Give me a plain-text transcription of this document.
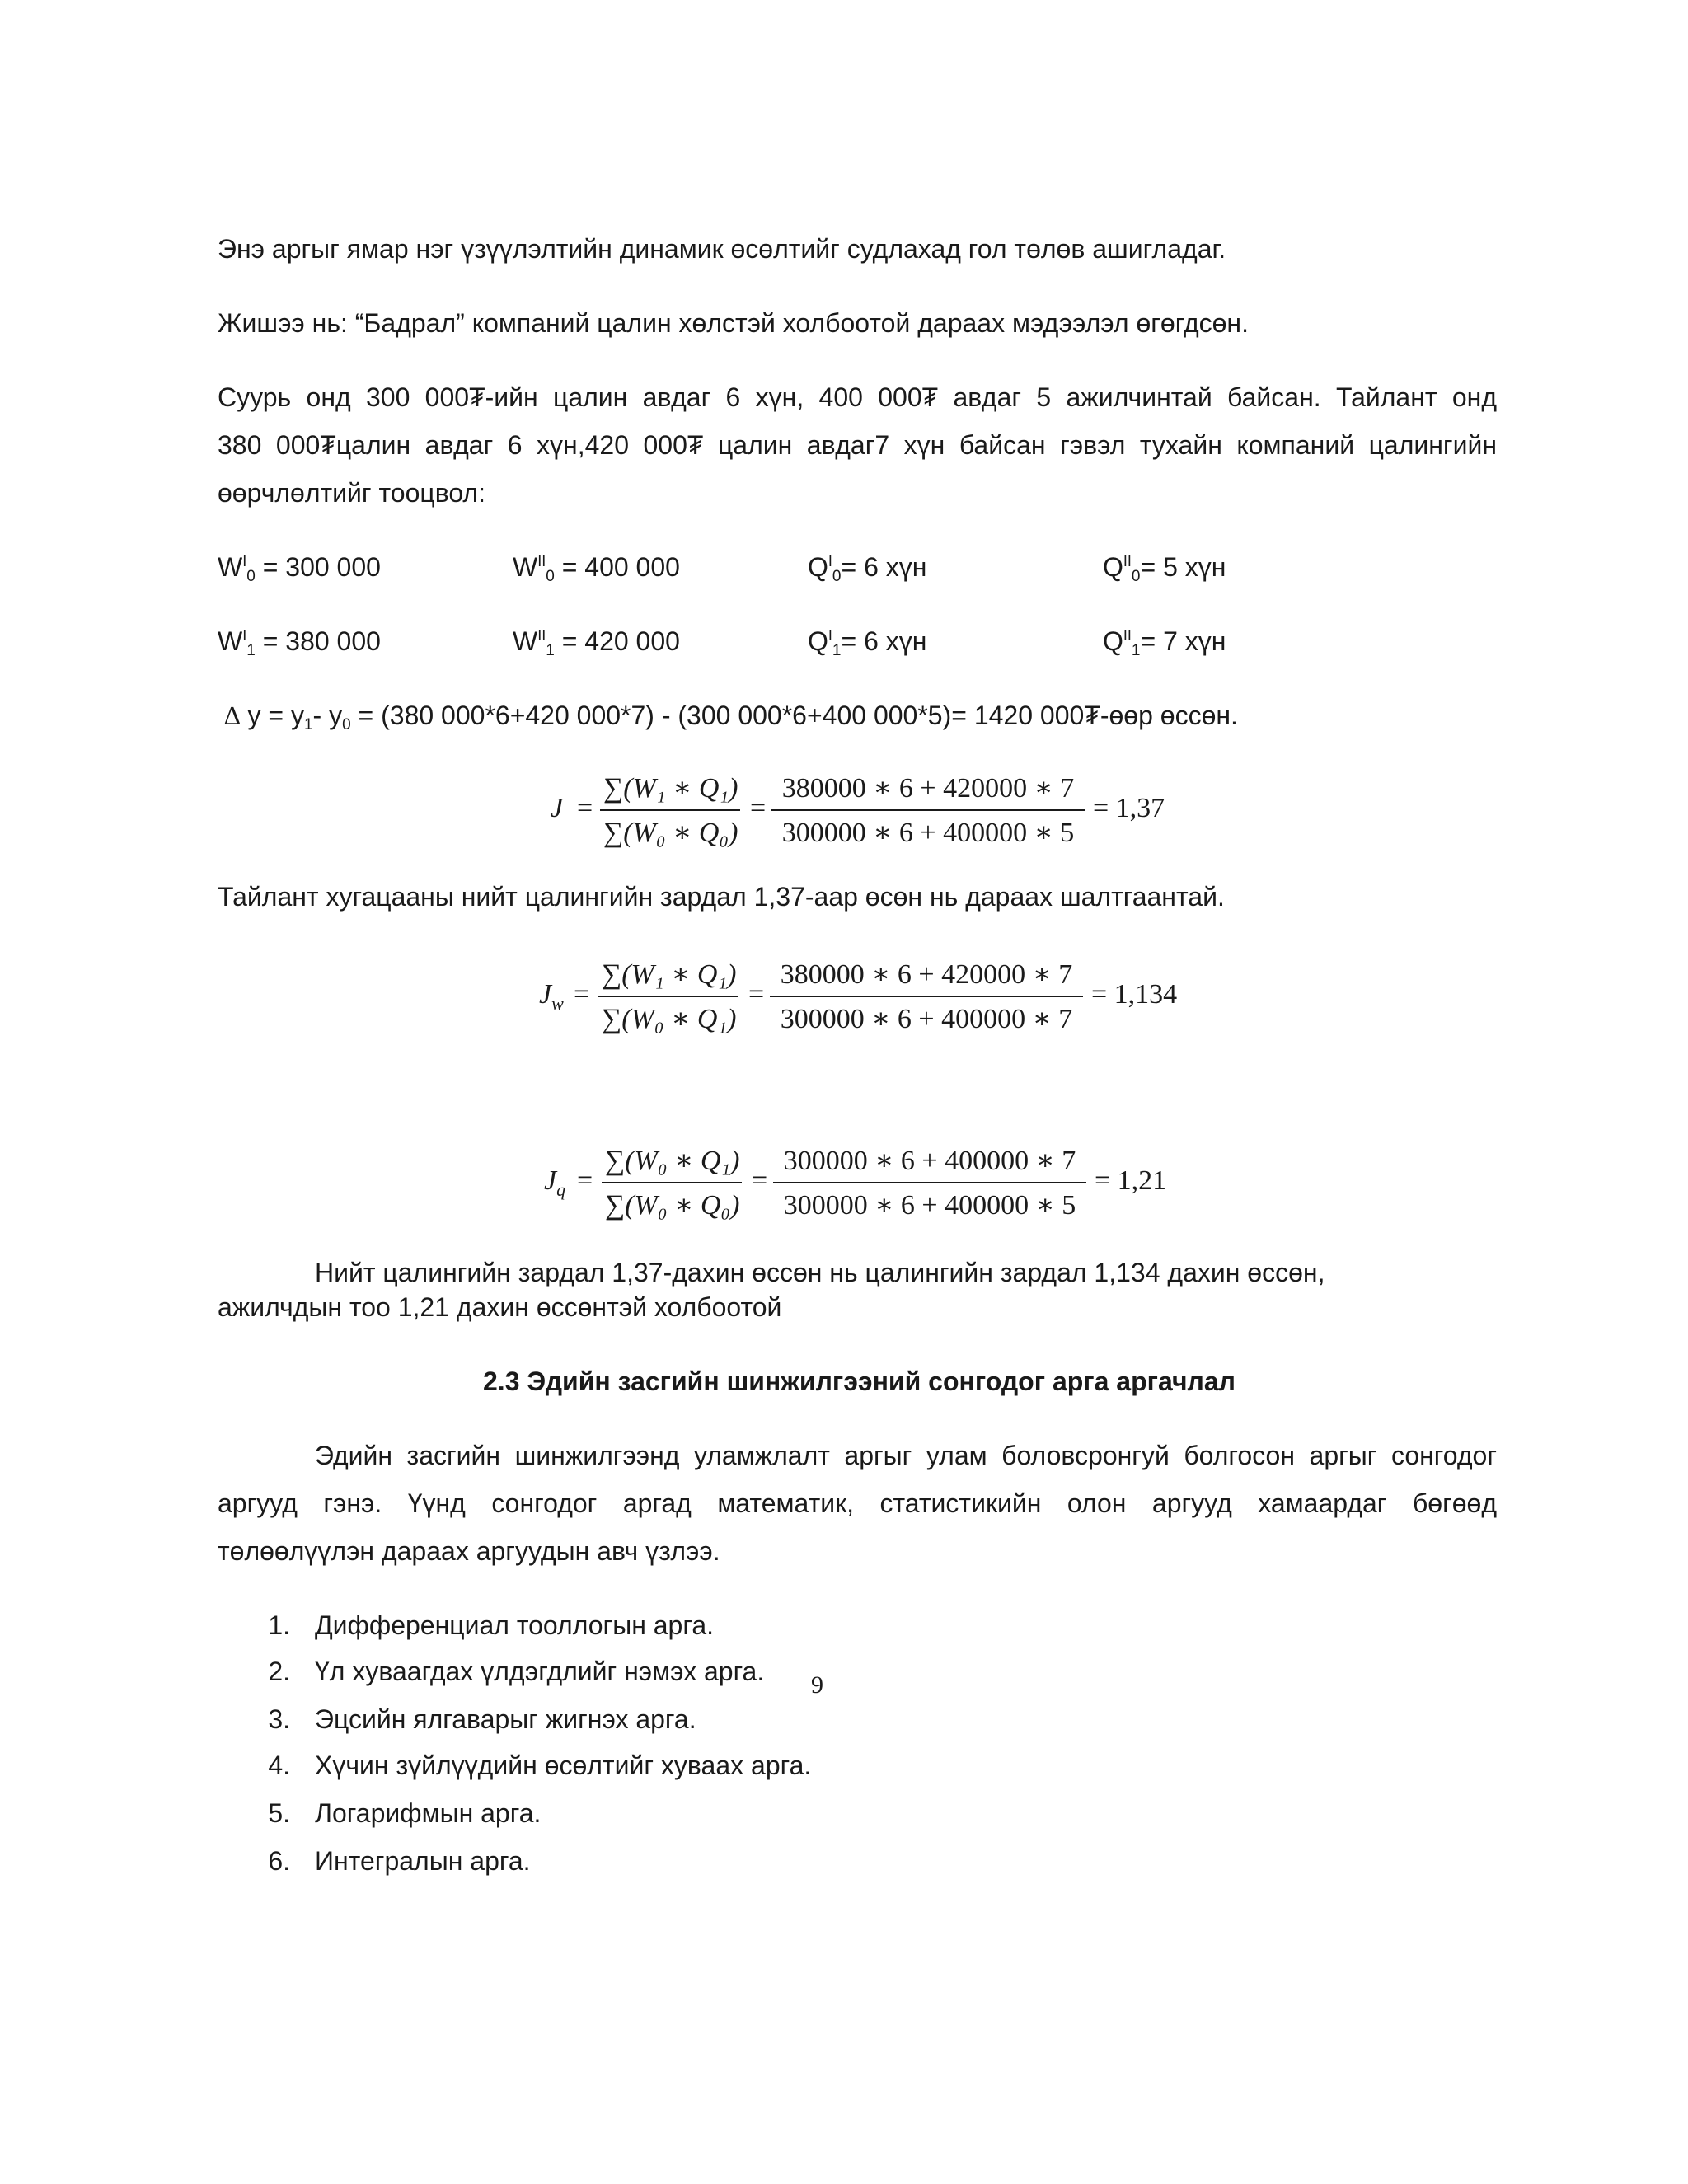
Энэ аргыг ямар нэг үзүүлэлтийн динамик өсөлтийг судлахад гол төлөв ашигладаг.
Жишээ нь: “Бадрал” компаний цалин хөлстэй холбоотой дараах мэдээлэл өгөгдсөн.
Суурь онд 300 000₮-ийн цалин авдаг 6 хүн, 400 000₮ авдаг 5 ажилчинтай байсан. Тайлант онд
380 000₮цалин авдаг 6 хүн,420 000₮ цалин авдаг7 хүн байсан гэвэл тухайн компаний цалингийн
өөрчлөлтийг тооцвол:
$W^I0 = 300$ 000	$W^{II}0 = 400$ 000	$Q^I0= 6$ хүн	$Q^{II}0= 5$ хүн
$W^I1 = 380$ 000	$W^{II}1 = 420$ 000	$Q^I1= 6$ хүн	$Q^{II}1= 7$ хүн
∆ у = у1- у0 = (380 000*6+420 000*7) - (300 000*6+400 000*5)= 1420 000₮-өөр өссөн.
J =
∑(W₁ ∗ Q₁)
∑(W₀ ∗ Q₀)
=
380000 ∗ 6 + 420000 ∗ 7
300000 ∗ 6 + 400000 ∗ 5
= 1,37
Тайлант хугацааны нийт цалингийн зардал 1,37-аар өсөн нь дараах шалтгаантай.
$J_w$ =
∑(W₁ ∗ Q₁)
∑(W₀ ∗ Q₁)
=
380000 ∗ 6 + 420000 ∗ 7
300000 ∗ 6 + 400000 ∗ 7
= 1,134
$J_q$ =
∑(W₀ ∗ Q₁)
∑(W₀ ∗ Q₀)
=
300000 ∗ 6 + 400000 ∗ 7
300000 ∗ 6 + 400000 ∗ 5
= 1,21
Нийт цалингийн зардал 1,37-дахин өссөн нь цалингийн зардал 1,134 дахин өссөн,
ажилчдын тоо 1,21 дахин өссөнтэй холбоотой
2.3 Эдийн засгийн шинжилгээний сонгодог арга аргачлал
Эдийн засгийн шинжилгээнд уламжлалт аргыг улам боловсронгуй болгосон аргыг сонгодог
аргууд гэнэ. Үүнд сонгодог аргад математик, статистикийн олон аргууд хамаардаг бөгөөд
төлөөлүүлэн дараах аргуудын авч үзлээ.
1. Дифференциал тооллогын арга.
2. Үл хуваагдах үлдэгдлийг нэмэх арга.
3. Эцсийн ялгаварыг жигнэх арга.
4. Хүчин зүйлүүдийн өсөлтийг хуваах арга.
5. Логарифмын арга.
6. Интегралын арга.
9
